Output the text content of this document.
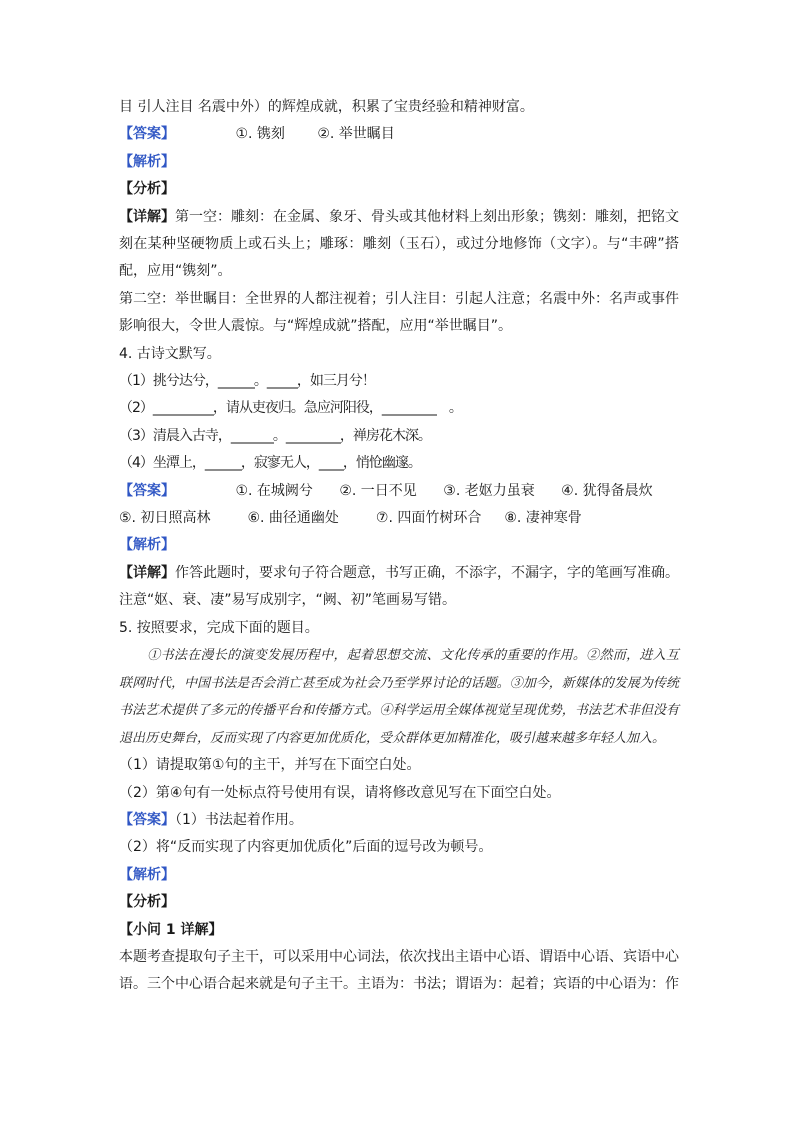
目 引人注目 名震中外）的辉煌成就，积累了宝贵经验和精神财富。
【答案】	①. 镌刻 ②. 举世瞩目
【解析】
【分析】
【详解】第一空：雕刻：在金属、象牙、骨头或其他材料上刻出形象；镌刻：雕刻，把铭文刻在某种坚硬物质上或石头上；雕琢：雕刻（玉石），或过分地修饰（文字）。与“丰碑”搭配，应用“镌刻”。
第二空：举世瞩目：全世界的人都注视着；引人注目：引起人注意；名震中外：名声或事件影响很大，令世人震惊。与“辉煌成就”搭配，应用“举世瞩目”。
4. 古诗文默写。
（1）挑兮达兮，______。_____，如三月兮！
（2）__________，请从吏夜归。急应河阳役，_________　。
（3）清晨入古寺，_______。_________，禅房花木深。
（4）坐潭上，______，寂寥无人，____，悄怆幽邃。
【答案】	①. 在城阙兮 ②. 一日不见 ③. 老妪力虽衰 ④. 犹得备晨炊
⑤. 初日照高林	⑥. 曲径通幽处	⑦. 四面竹树环合 ⑧. 凄神寒骨
【解析】
【详解】作答此题时，要求句子符合题意，书写正确，不添字，不漏字，字的笔画写准确。注意“妪、衰、凄”易写成别字，“阙、初”笔画易写错。
5. 按照要求，完成下面的题目。
①书法在漫长的演变发展历程中，起着思想交流、文化传承的重要的作用。②然而，进入互联网时代，中国书法是否会消亡甚至成为社会乃至学界讨论的话题。③加今，新媒体的发展为传统书法艺术提供了多元的传播平台和传播方式。④科学运用全媒体视觉呈现优势，书法艺术非但没有退出历史舞台，反而实现了内容更加优质化，受众群体更加精准化，吸引越来越多年轻人加入。
（1）请提取第①句的主干，并写在下面空白处。
（2）第④句有一处标点符号使用有误，请将修改意见写在下面空白处。
【答案】（1）书法起着作用。
（2）将“反而实现了内容更加优质化”后面的逗号改为顿号。
【解析】
【分析】
【小问 1 详解】
本题考查提取句子主干，可以采用中心词法，依次找出主语中心语、谓语中心语、宾语中心语。三个中心语合起来就是句子主干。主语为：书法；谓语为：起着；宾语的中心语为：作
